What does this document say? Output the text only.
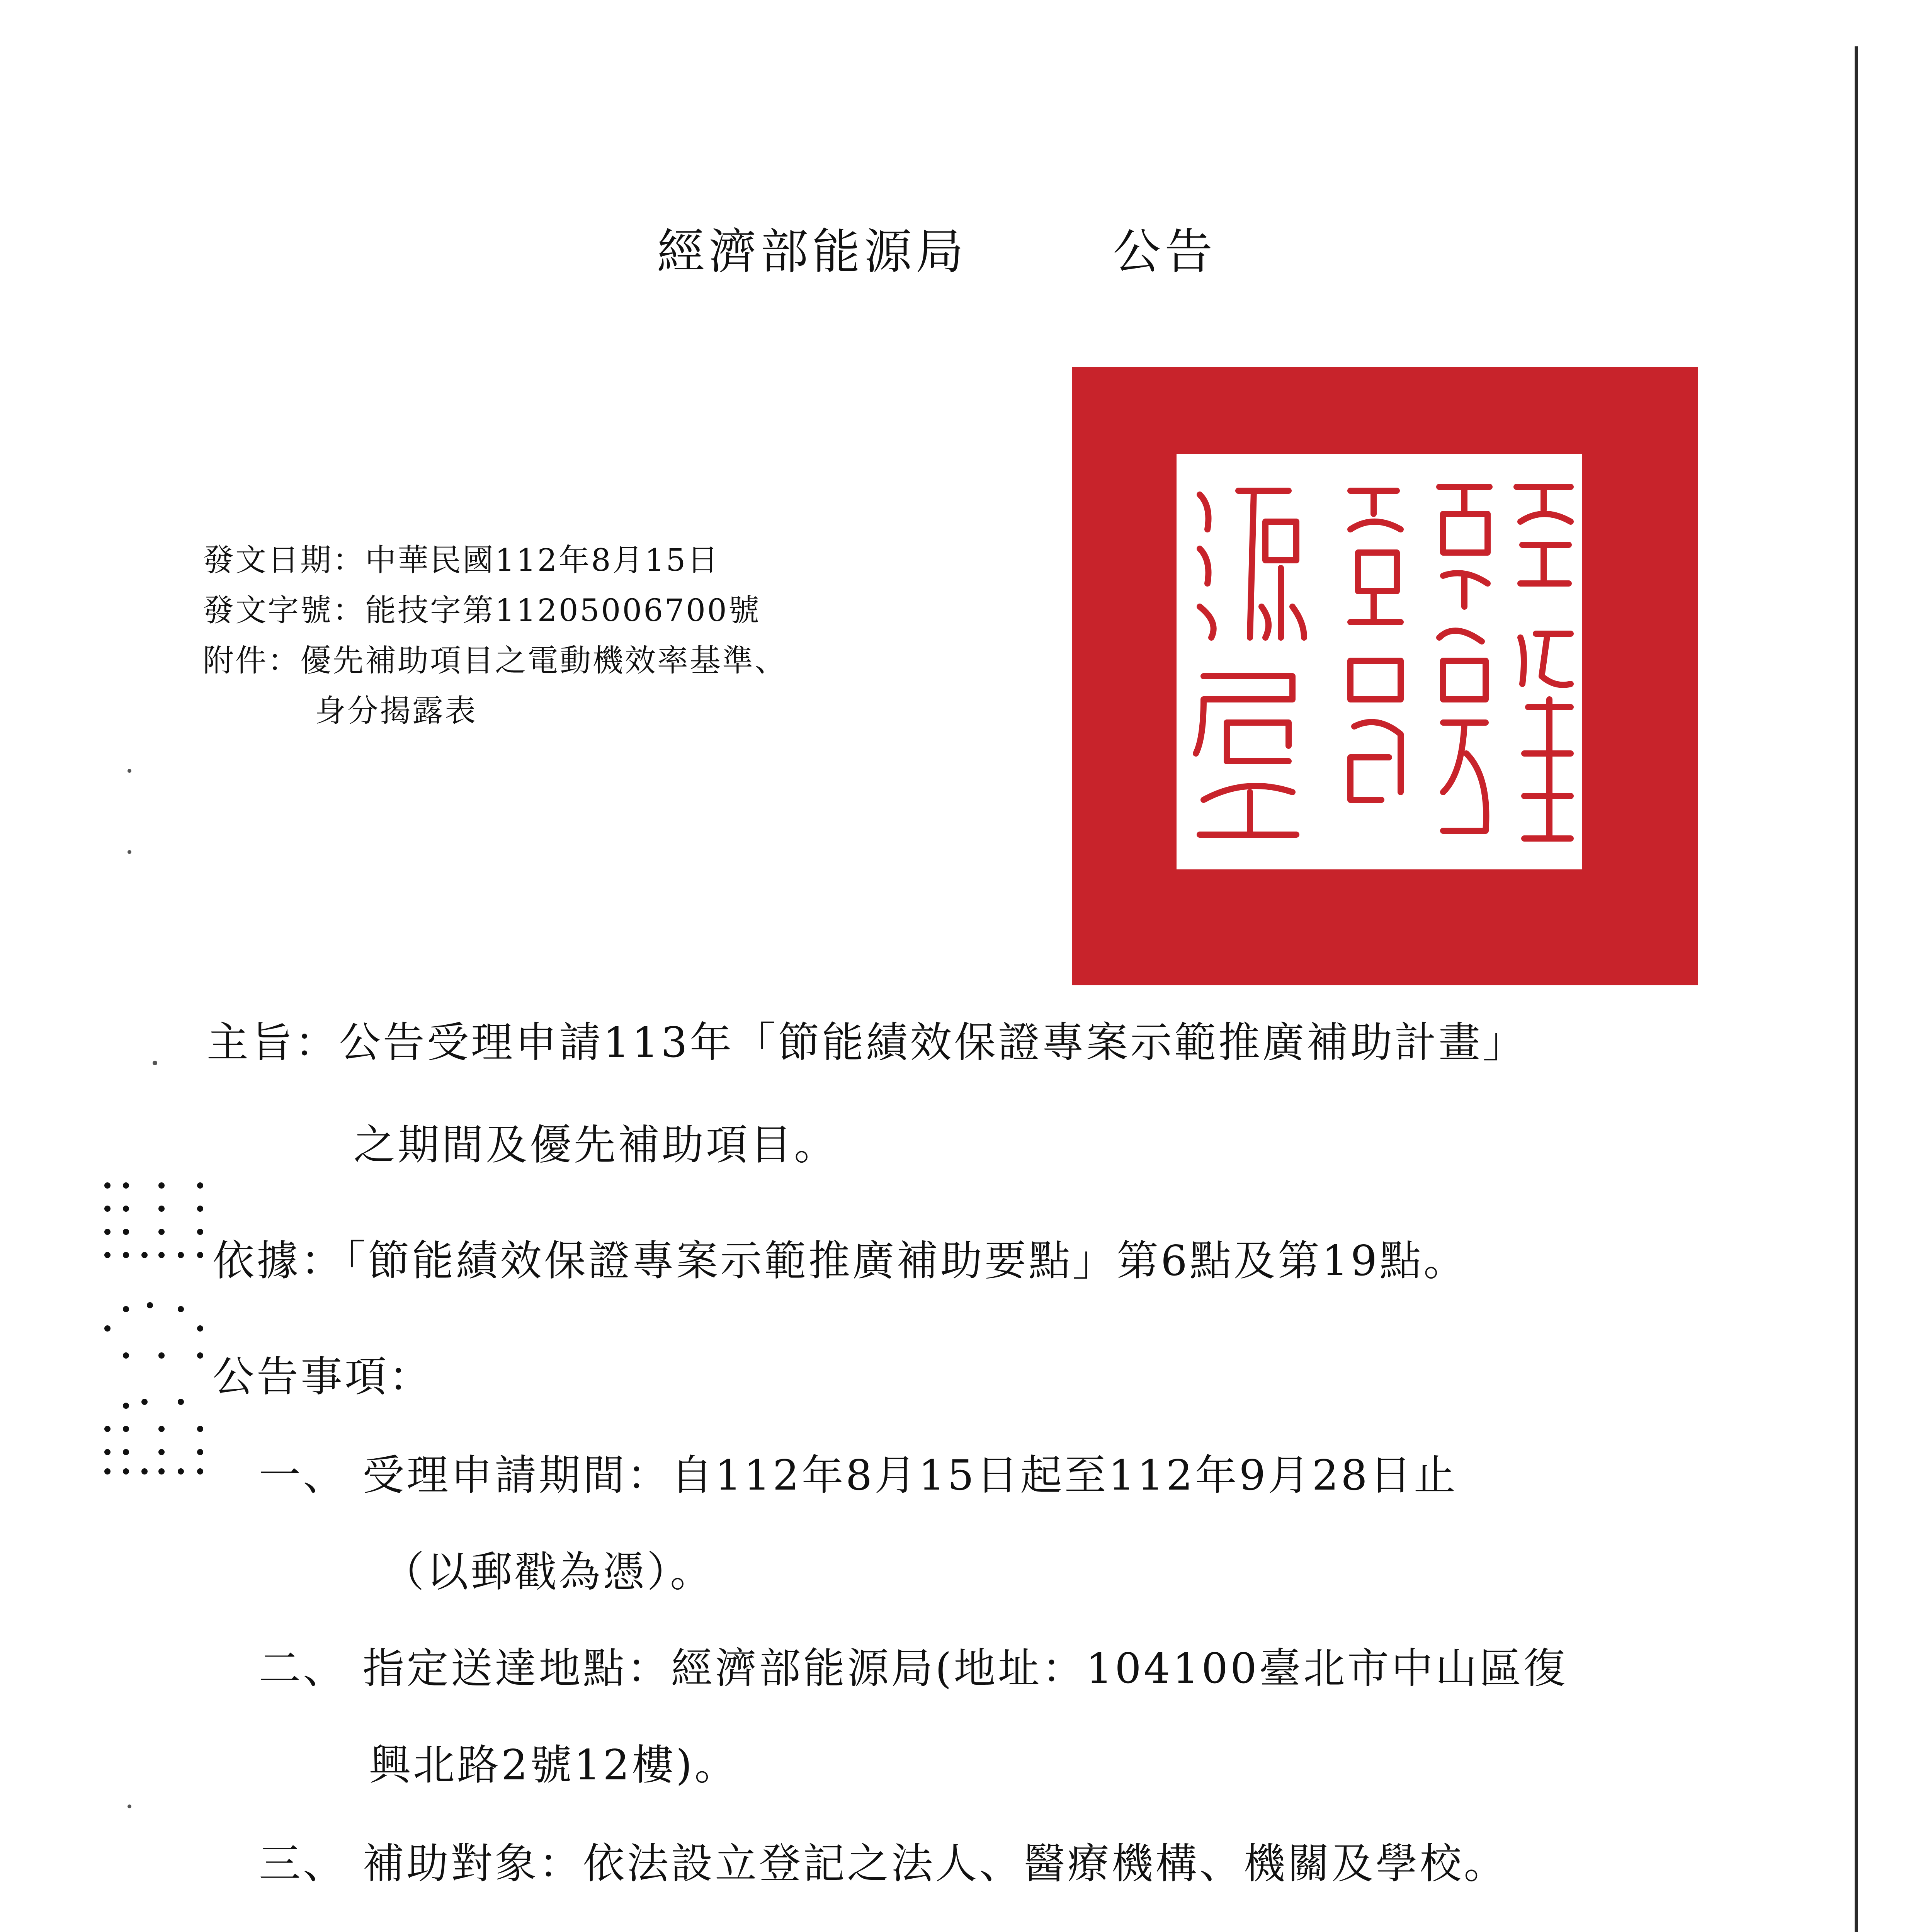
經濟部能源局	公告
發文日期：中華民國112年8月15日
發文字號：能技字第11205006700號
附件：優先補助項目之電動機效率基準、
身分揭露表
主旨：公告受理申請113年「節能績效保證專案示範推廣補助計畫」
之期間及優先補助項目。
依據：「節能績效保證專案示範推廣補助要點」第6點及第19點。
公告事項：
一、 受理申請期間：自112年8月15日起至112年9月28日止
（以郵戳為憑）。
二、 指定送達地點：經濟部能源局(地址：104100臺北市中山區復
興北路2號12樓)。
三、 補助對象：依法設立登記之法人、醫療機構、機關及學校。
